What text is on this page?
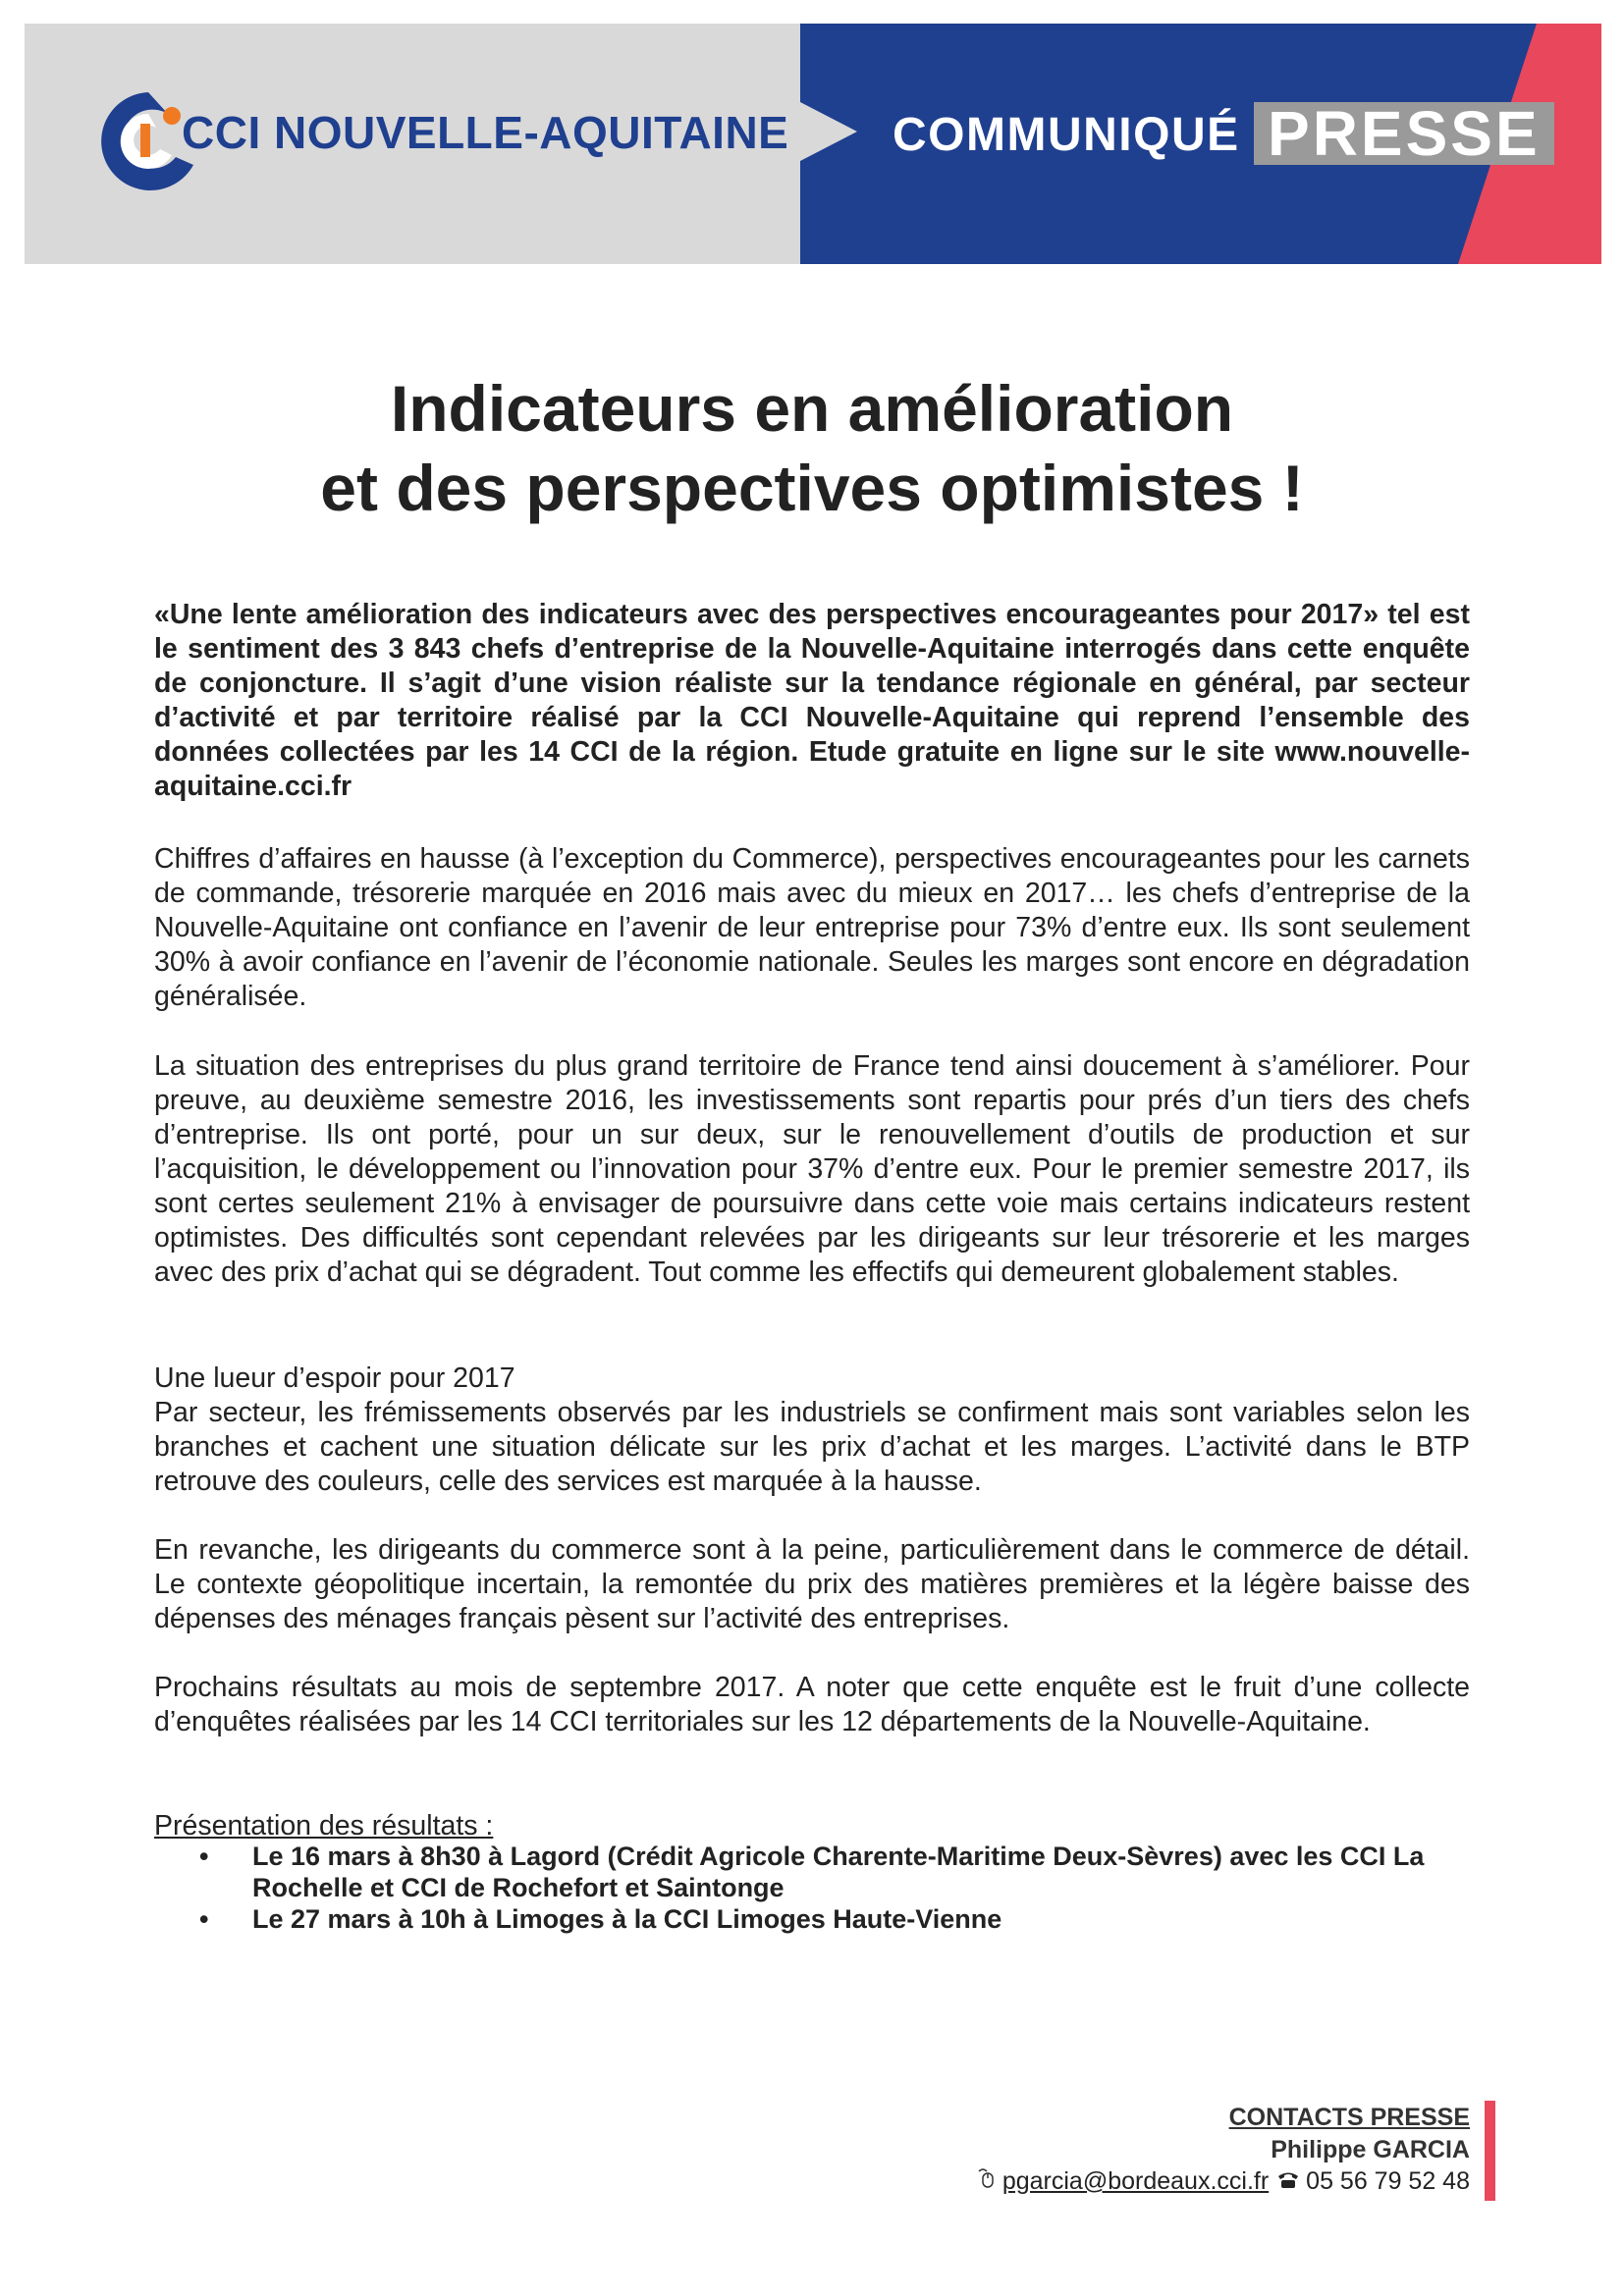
CCI NOUVELLE-AQUITAINE COMMUNIQUÉ PRESSE
Indicateurs en amélioration
et des perspectives optimistes !

«Une lente amélioration des indicateurs avec des perspectives encourageantes pour 2017» tel est le sentiment des 3 843 chefs d’entreprise de la Nouvelle-Aquitaine interrogés dans cette enquête de conjoncture. Il s’agit d’une vision réaliste sur la tendance régionale en général, par secteur d’activité et par territoire réalisé par la CCI Nouvelle-Aquitaine qui reprend l’ensemble des données collectées par les 14 CCI de la région. Etude gratuite en ligne sur le site www.nouvelle-aquitaine.cci.fr

Chiffres d’affaires en hausse (à l’exception du Commerce), perspectives encourageantes pour les carnets de commande, trésorerie marquée en 2016 mais avec du mieux en 2017… les chefs d’entreprise de la Nouvelle-Aquitaine ont confiance en l’avenir de leur entreprise pour 73% d’entre eux. Ils sont seulement 30% à avoir confiance en l’avenir de l’économie nationale. Seules les marges sont encore en dégradation généralisée.

La situation des entreprises du plus grand territoire de France tend ainsi doucement à s’améliorer. Pour preuve, au deuxième semestre 2016, les investissements sont repartis pour prés d’un tiers des chefs d’entreprise. Ils ont porté, pour un sur deux, sur le renouvellement d’outils de production et sur l’acquisition, le développement ou l’innovation pour 37% d’entre eux. Pour le premier semestre 2017, ils sont certes seulement 21% à envisager de poursuivre dans cette voie mais certains indicateurs restent optimistes. Des difficultés sont cependant relevées par les dirigeants sur leur trésorerie et les marges avec des prix d’achat qui se dégradent. Tout comme les effectifs qui demeurent globalement stables.

Une lueur d’espoir pour 2017

Par secteur, les frémissements observés par les industriels se confirment mais sont variables selon les branches et cachent une situation délicate sur les prix d’achat et les marges. L’activité dans le BTP retrouve des couleurs, celle des services est marquée à la hausse.

En revanche, les dirigeants du commerce sont à la peine, particulièrement dans le commerce de détail. Le contexte géopolitique incertain, la remontée du prix des matières premières et la légère baisse des dépenses des ménages français pèsent sur l’activité des entreprises.

Prochains résultats au mois de septembre 2017. A noter que cette enquête est le fruit d’une collecte d’enquêtes réalisées par les 14 CCI territoriales sur les 12 départements de la Nouvelle-Aquitaine.

Présentation des résultats :
• Le 16 mars à 8h30 à Lagord (Crédit Agricole Charente-Maritime Deux-Sèvres) avec les CCI La Rochelle et CCI de Rochefort et Saintonge
• Le 27 mars à 10h à Limoges à la CCI Limoges Haute-Vienne
CONTACTS PRESSE
Philippe GARCIA
pgarcia@bordeaux.cci.fr 05 56 79 52 48
